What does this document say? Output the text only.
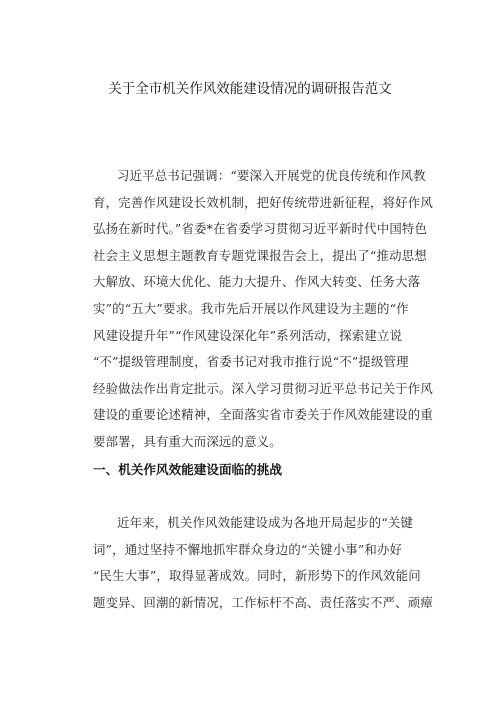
关于全市机关作风效能建设情况的调研报告范文
习近平总书记强调：“要深入开展党的优良传统和作风教
育，完善作风建设长效机制，把好传统带进新征程，将好作风
弘扬在新时代。”省委*在省委学习贯彻习近平新时代中国特色
社会主义思想主题教育专题党课报告会上，提出了“推动思想
大解放、环境大优化、能力大提升、作风大转变、任务大落
实”的“五大”要求。我市先后开展以作风建设为主题的“作
风建设提升年”“作风建设深化年”系列活动，探索建立说
“不”提级管理制度，省委书记对我市推行说“不”提级管理
经验做法作出肯定批示。深入学习贯彻习近平总书记关于作风
建设的重要论述精神，全面落实省市委关于作风效能建设的重
要部署，具有重大而深远的意义。
一、机关作风效能建设面临的挑战
近年来，机关作风效能建设成为各地开局起步的“关键
词”，通过坚持不懈地抓牢群众身边的“关键小事”和办好
“民生大事”，取得显著成效。同时，新形势下的作风效能问
题变异、回潮的新情况，工作标杆不高、责任落实不严、顽瘴
